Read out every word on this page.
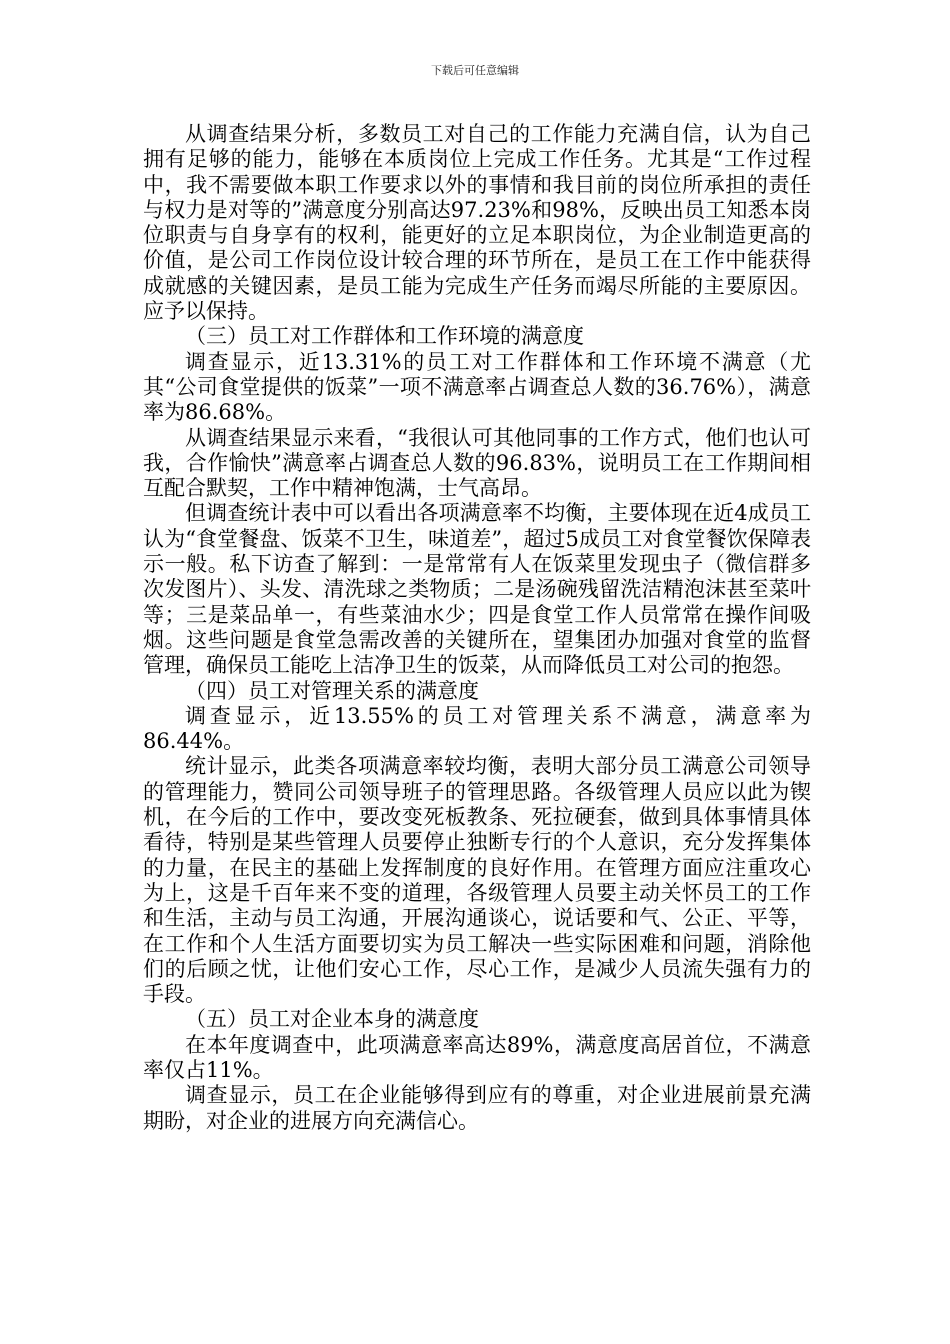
下载后可任意编辑

从调查结果分析，多数员工对自己的工作能力充满自信，认为自己拥有足够的能力，能够在本质岗位上完成工作任务。尤其是“工作过程中，我不需要做本职工作要求以外的事情和我目前的岗位所承担的责任与权力是对等的”满意度分别高达97.23%和98%，反映出员工知悉本岗位职责与自身享有的权利，能更好的立足本职岗位，为企业制造更高的价值，是公司工作岗位设计较合理的环节所在，是员工在工作中能获得成就感的关键因素，是员工能为完成生产任务而竭尽所能的主要原因。应予以保持。

（三）员工对工作群体和工作环境的满意度

调查显示，近13.31%的员工对工作群体和工作环境不满意（尤其“公司食堂提供的饭菜”一项不满意率占调查总人数的36.76%），满意率为86.68%。

从调查结果显示来看，“我很认可其他同事的工作方式，他们也认可我，合作愉快”满意率占调查总人数的96.83%，说明员工在工作期间相互配合默契，工作中精神饱满，士气高昂。

但调查统计表中可以看出各项满意率不均衡，主要体现在近4成员工认为“食堂餐盘、饭菜不卫生，味道差”，超过5成员工对食堂餐饮保障表示一般。私下访查了解到：一是常常有人在饭菜里发现虫子（微信群多次发图片）、头发、清洗球之类物质；二是汤碗残留洗洁精泡沫甚至菜叶等；三是菜品单一，有些菜油水少；四是食堂工作人员常常在操作间吸烟。这些问题是食堂急需改善的关键所在，望集团办加强对食堂的监督管理，确保员工能吃上洁净卫生的饭菜，从而降低员工对公司的抱怨。

（四）员工对管理关系的满意度

调查显示，近13.55%的员工对管理关系不满意，满意率为86.44%。

统计显示，此类各项满意率较均衡，表明大部分员工满意公司领导的管理能力，赞同公司领导班子的管理思路。各级管理人员应以此为锲机，在今后的工作中，要改变死板教条、死拉硬套，做到具体事情具体看待，特别是某些管理人员要停止独断专行的个人意识，充分发挥集体的力量，在民主的基础上发挥制度的良好作用。在管理方面应注重攻心为上，这是千百年来不变的道理，各级管理人员要主动关怀员工的工作和生活，主动与员工沟通，开展沟通谈心，说话要和气、公正、平等，在工作和个人生活方面要切实为员工解决一些实际困难和问题，消除他们的后顾之忧，让他们安心工作，尽心工作，是减少人员流失强有力的手段。

（五）员工对企业本身的满意度

在本年度调查中，此项满意率高达89%，满意度高居首位，不满意率仅占11%。

调查显示，员工在企业能够得到应有的尊重，对企业进展前景充满期盼，对企业的进展方向充满信心。
